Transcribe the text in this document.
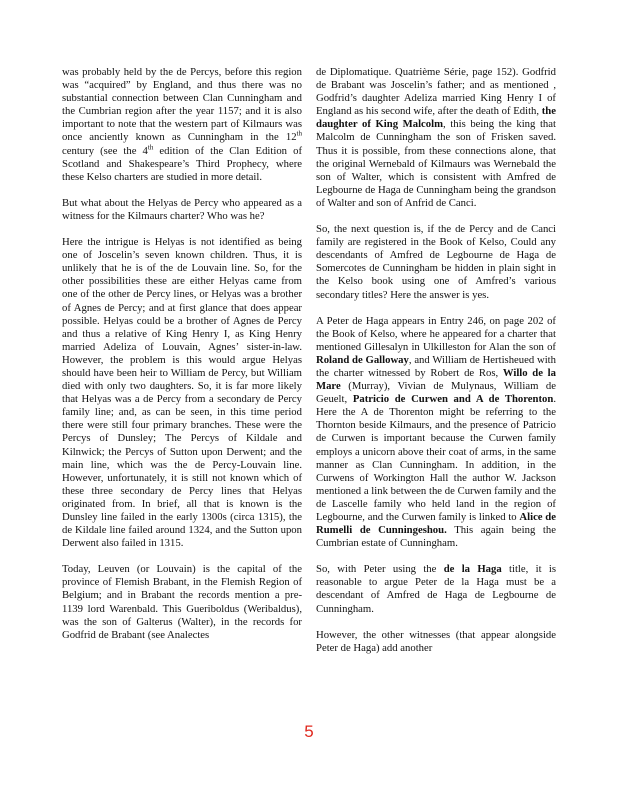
was probably held by the de Percys, before this region was “acquired” by England, and thus there was no substantial connection between Clan Cunningham and the Cumbrian region after the year 1157; and it is also important to note that the western part of Kilmaurs was once anciently known as Cunningham in the 12th century (see the 4th edition of the Clan Edition of Scotland and Shakespeare’s Third Prophecy, where these Kelso charters are studied in more detail.

But what about the Helyas de Percy who appeared as a witness for the Kilmaurs charter? Who was he?

Here the intrigue is Helyas is not identified as being one of Joscelin’s seven known children. Thus, it is unlikely that he is of the de Louvain line. So, for the other possibilities these are either Helyas came from one of the other de Percy lines, or Helyas was a brother of Agnes de Percy; and at first glance that does appear possible. Helyas could be a brother of Agnes de Percy and thus a relative of King Henry I, as King Henry married Adeliza of Louvain, Agnes’ sister-in-law. However, the problem is this would argue Helyas should have been heir to William de Percy, but William died with only two daughters. So, it is far more likely that Helyas was a de Percy from a secondary de Percy family line; and, as can be seen, in this time period there were still four primary branches. These were the Percys of Dunsley; The Percys of Kildale and Kilnwick; the Percys of Sutton upon Derwent; and the main line, which was the de Percy-Louvain line. However, unfortunately, it is still not known which of these three secondary de Percy lines that Helyas originated from. In brief, all that is known is the Dunsley line failed in the early 1300s (circa 1315), the de Kildale line failed around 1324, and the Sutton upon Derwent also failed in 1315.

Today, Leuven (or Louvain) is the capital of the province of Flemish Brabant, in the Flemish Region of Belgium; and in Brabant the records mention a pre-1139 lord Warenbald. This Gueriboldus (Weribaldus), was the son of Galterus (Walter), in the records for Godfrid de Brabant (see Analectes

de Diplomatique. Quatrième Série, page 152). Godfrid de Brabant was Joscelin’s father; and as mentioned , Godfrid’s daughter Adeliza married King Henry I of England as his second wife, after the death of Edith, the daughter of King Malcolm, this being the king that Malcolm de Cunningham the son of Frisken saved. Thus it is possible, from these connections alone, that the original Wernebald of Kilmaurs was Wernebald the son of Walter, which is consistent with Amfred de Legbourne de Haga de Cunningham being the grandson of Walter and son of Anfrid de Canci.

So, the next question is, if the de Percy and de Canci family are registered in the Book of Kelso, Could any descendants of Amfred de Legbourne de Haga de Somercotes de Cunningham be hidden in plain sight in the Kelso book using one of Amfred’s various secondary titles? Here the answer is yes.

A Peter de Haga appears in Entry 246, on page 202 of the Book of Kelso, where he appeared for a charter that mentioned Gillesalyn in Ulkilleston for Alan the son of Roland de Galloway, and William de Hertisheued with the charter witnessed by Robert de Ros, Willo de la Mare (Murray), Vivian de Mulynaus, William de Geuelt, Patricio de Curwen and A de Thorenton. Here the A de Thorenton might be referring to the Thornton beside Kilmaurs, and the presence of Patricio de Curwen is important because the Curwen family employs a unicorn above their coat of arms, in the same manner as Clan Cunningham. In addition, in the Curwens of Workington Hall the author W. Jackson mentioned a link between the de Curwen family and the de Lascelle family who held land in the region of Legbourne, and the Curwen family is linked to Alice de Rumelli de Cunningeshou. This again being the Cumbrian estate of Cunningham.

So, with Peter using the de la Haga title, it is reasonable to argue Peter de la Haga must be a descendant of Amfred de Haga de Legbourne de Cunningham.

However, the other witnesses (that appear alongside Peter de Haga) add another

5
